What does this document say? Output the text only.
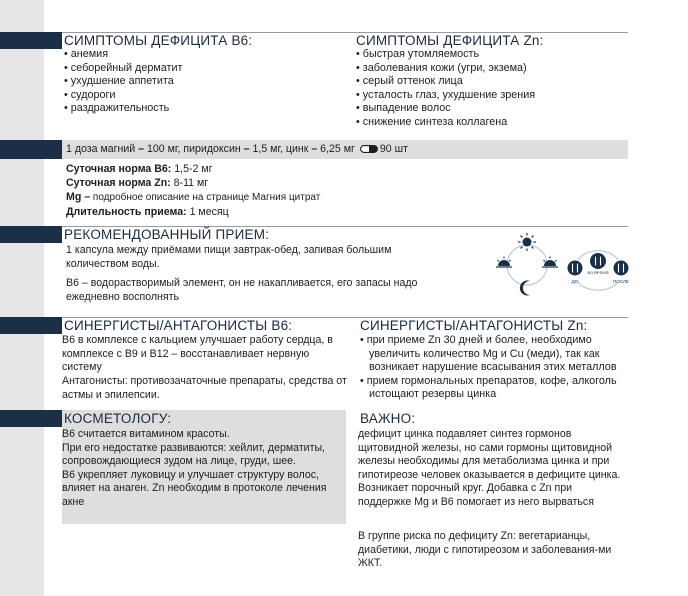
СИМПТОМЫ ДЕФИЦИТА В6:
• анемия
• себорейный дерматит
• ухудшение аппетита
• судороги
• раздражительность
СИМПТОМЫ ДЕФИЦИТА Zn:
• быстрая утомляемость
• заболевания кожи (угри, экзема)
• серый оттенок лица
• усталость глаз, ухудшение зрения
• выпадение волос
• снижение синтеза коллагена
1 доза магний – 100 мг, пиридоксин – 1,5 мг, цинк – 6,25 мг 90 шт
Суточная норма В6: 1,5-2 мг
Суточная норма Zn: 8-11 мг
Mg – подробное описание на странице Магния цитрат
Длительность приема: 1 месяц
РЕКОМЕНДОВАННЫЙ ПРИЕМ:

1 капсула между приёмами пищи завтрак-обед, запивая большим количеством воды.

В6 – водорастворимый элемент, он не накапливается, его запасы надо ежедневно восполнять

ДО
ВО ВРЕМЯ
ПОСЛЕ
СИНЕРГИСТЫ/АНТАГОНИСТЫ В6:

В6 в комплексе с кальцием улучшает работу сердца, в комплексе с В9 и В12 – восстанавливает нервную систему

Антагонисты: противозачаточные препараты, средства от астмы и эпилепсии.

СИНЕРГИСТЫ/АНТАГОНИСТЫ Zn:
• при приеме Zn 30 дней и более, необходимо увеличить количество Mg и Cu (меди), так как возникает нарушение всасывания этих металлов
• прием гормональных препаратов, кофе, алкоголь истощают резервы цинка
КОСМЕТОЛОГУ:
В6 считается витамином красоты.
При его недостатке развиваются: хейлит, дерматиты, сопровождающиеся зудом на лице, груди, шее.
В6 укрепляет луковицу и улучшает структуру волос, влияет на анаген. Zn необходим в протоколе лечения акне
ВАЖНО:

дефицит цинка подавляет синтез гормонов щитовидной железы, но сами гормоны щитовидной железы необходимы для метаболизма цинка и при гипотиреозе человек оказывается в дефиците цинка. Возникает порочный круг. Добавка с Zn при поддержке Mg и В6 помогает из него вырваться

В группе риска по дефициту Zn: вегетарианцы, диабетики, люди с гипотиреозом и заболевания-ми ЖКТ.
